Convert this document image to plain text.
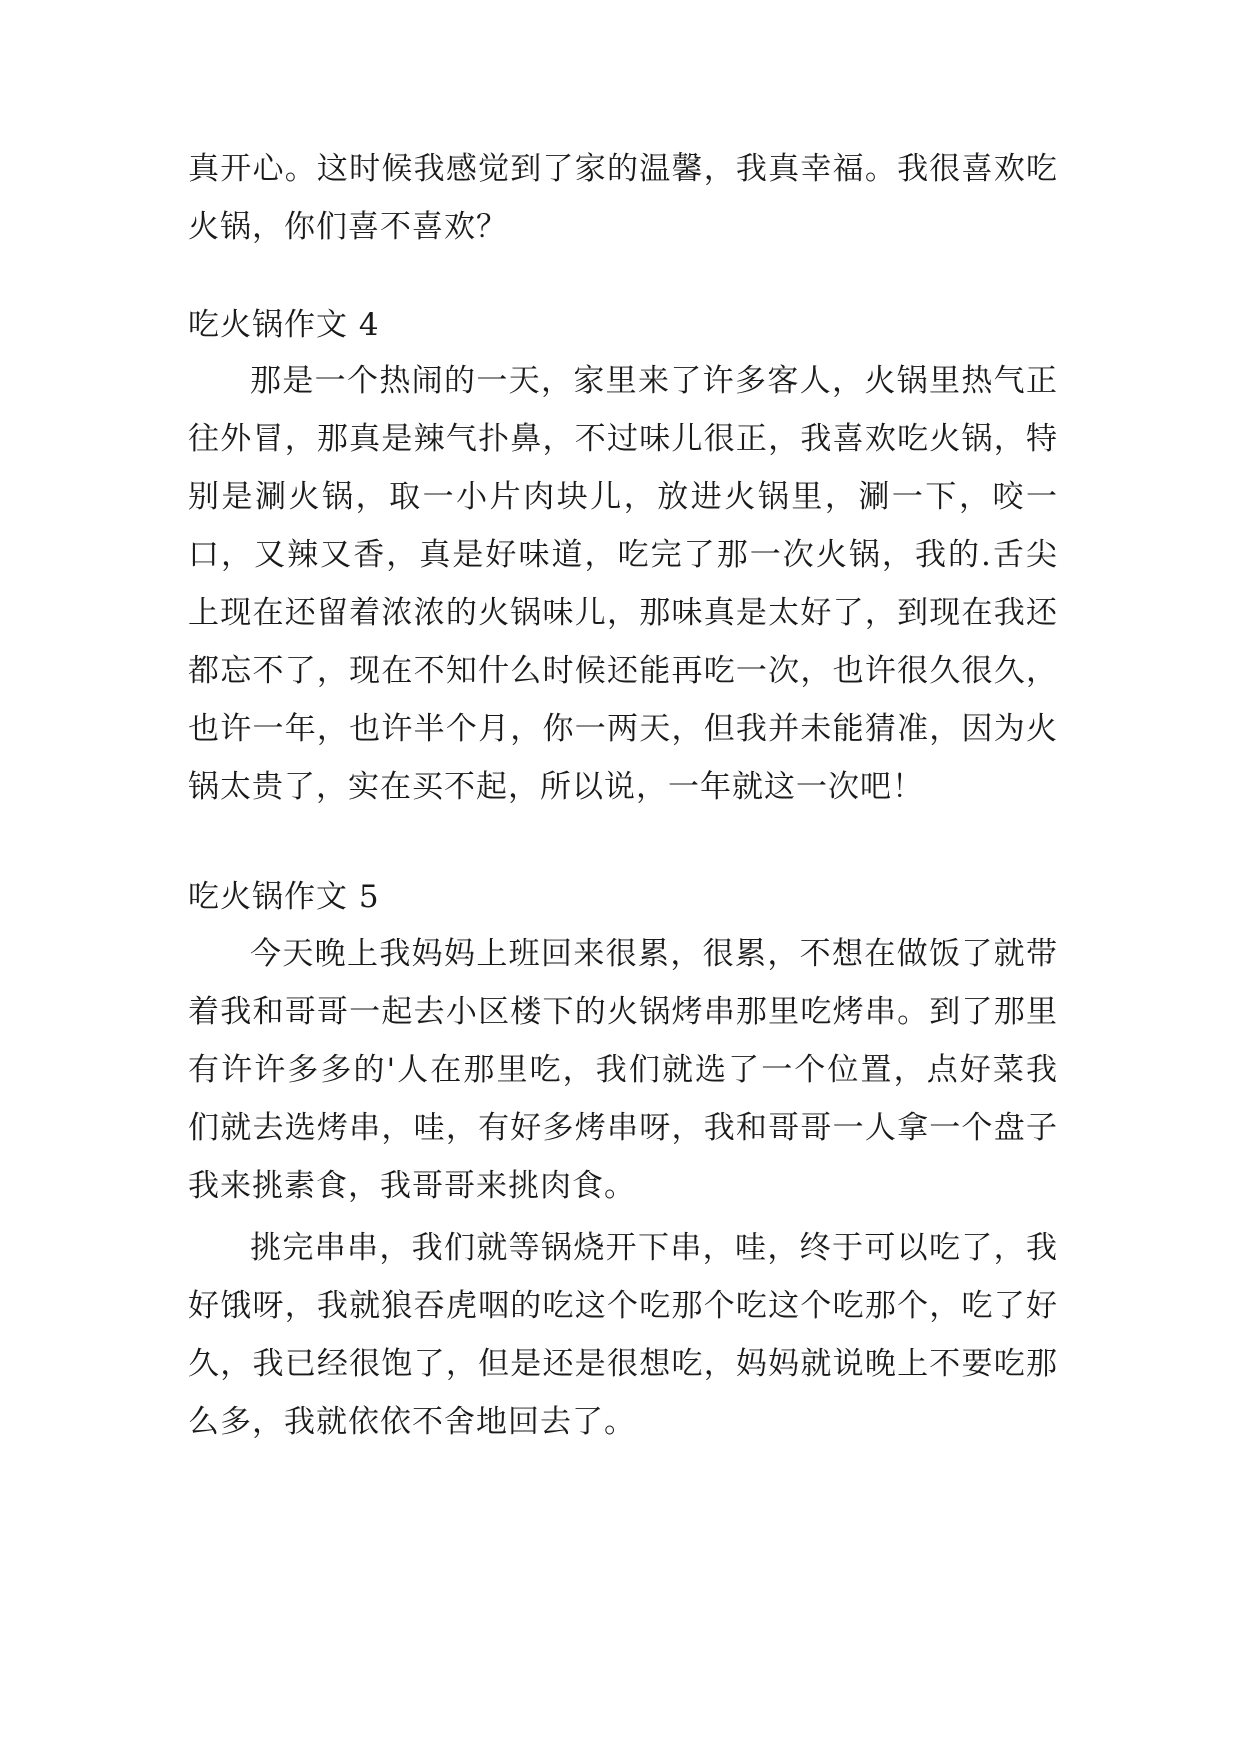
真开心。这时候我感觉到了家的温馨，我真幸福。我很喜欢吃火锅，你们喜不喜欢？

吃火锅作文 4

那是一个热闹的一天，家里来了许多客人，火锅里热气正往外冒，那真是辣气扑鼻，不过味儿很正，我喜欢吃火锅，特别是涮火锅，取一小片肉块儿，放进火锅里，涮一下，咬一口，又辣又香，真是好味道，吃完了那一次火锅，我的.舌尖上现在还留着浓浓的火锅味儿，那味真是太好了，到现在我还都忘不了，现在不知什么时候还能再吃一次，也许很久很久，也许一年，也许半个月，你一两天，但我并未能猜准，因为火锅太贵了，实在买不起，所以说，一年就这一次吧！

吃火锅作文 5

今天晚上我妈妈上班回来很累，很累，不想在做饭了就带着我和哥哥一起去小区楼下的火锅烤串那里吃烤串。到了那里有许许多多的'人在那里吃，我们就选了一个位置，点好菜我们就去选烤串，哇，有好多烤串呀，我和哥哥一人拿一个盘子我来挑素食，我哥哥来挑肉食。

挑完串串，我们就等锅烧开下串，哇，终于可以吃了，我好饿呀，我就狼吞虎咽的吃这个吃那个吃这个吃那个，吃了好久，我已经很饱了，但是还是很想吃，妈妈就说晚上不要吃那么多，我就依依不舍地回去了。
